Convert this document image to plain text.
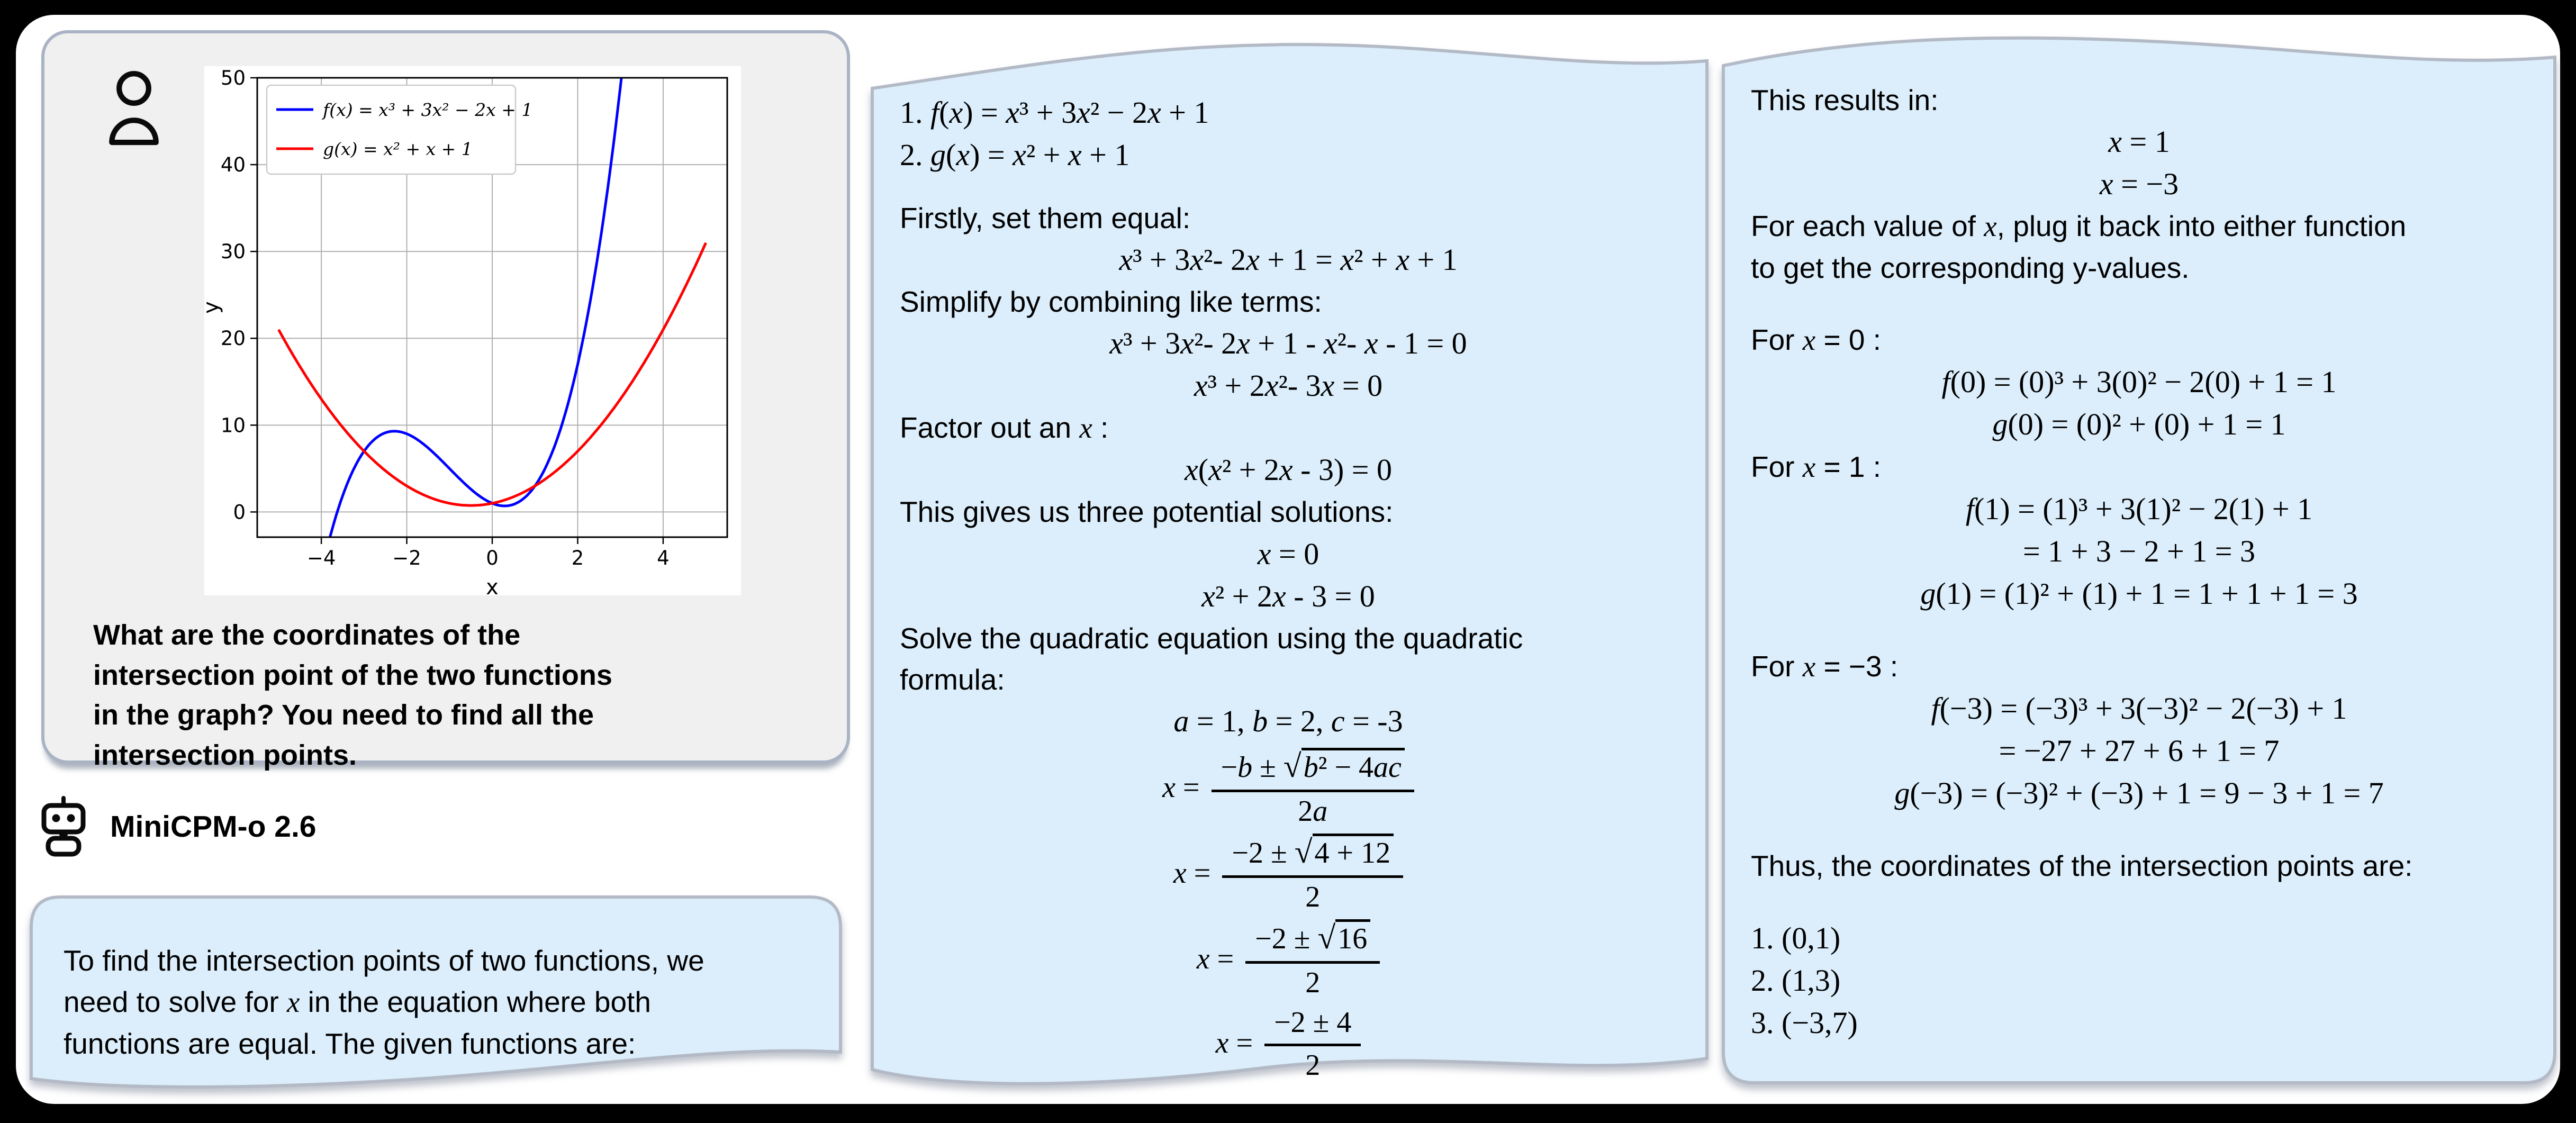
−4	−2	0	2	4
0
10
20
30
40
50
x
y
f(x) = x³ + 3x² − 2x + 1
g(x) = x² + x + 1

What are the coordinates of the
intersection point of the two functions
in the graph? You need to find all the
intersection points.

MiniCPM-o 2.6
To find the intersection points of two functions, we
need to solve for x in the equation where both
functions are equal. The given functions are:
1. f(x) = x³ + 3x² − 2x + 1
2. g(x) = x² + x + 1
Firstly, set them equal:
x³ + 3x²- 2x + 1 = x² + x + 1
Simplify by combining like terms:
x³ + 3x²- 2x + 1 - x²- x - 1 = 0
x³ + 2x²- 3x = 0
Factor out an x :
x(x² + 2x - 3) = 0
This gives us three potential solutions:
x = 0
x² + 2x - 3 = 0
Solve the quadratic equation using the quadratic
formula:
a = 1, b = 2, c = -3
$x = \frac{\text{−b ± √b² − 4ac}}{2a}$
$x = \frac{-2 \pm √4 + 12}{2}$
$x = \frac{-2 \pm √16}{2}$
$x = \frac{-2 \pm 4}{2}$
This results in:
x = 1
x = −3
For each value of x, plug it back into either function
to get the corresponding y-values.
For x = 0 :
f(0) = (0)³ + 3(0)² − 2(0) + 1 = 1
g(0) = (0)² + (0) + 1 = 1
For x = 1 :
f(1) = (1)³ + 3(1)² − 2(1) + 1
= 1 + 3 − 2 + 1 = 3
g(1) = (1)² + (1) + 1 = 1 + 1 + 1 = 3
For x = −3 :
f(−3) = (−3)³ + 3(−3)² − 2(−3) + 1
= −27 + 27 + 6 + 1 = 7
g(−3) = (−3)² + (−3) + 1 = 9 − 3 + 1 = 7
Thus, the coordinates of the intersection points are:
1. (0,1)
2. (1,3)
3. (−3,7)
